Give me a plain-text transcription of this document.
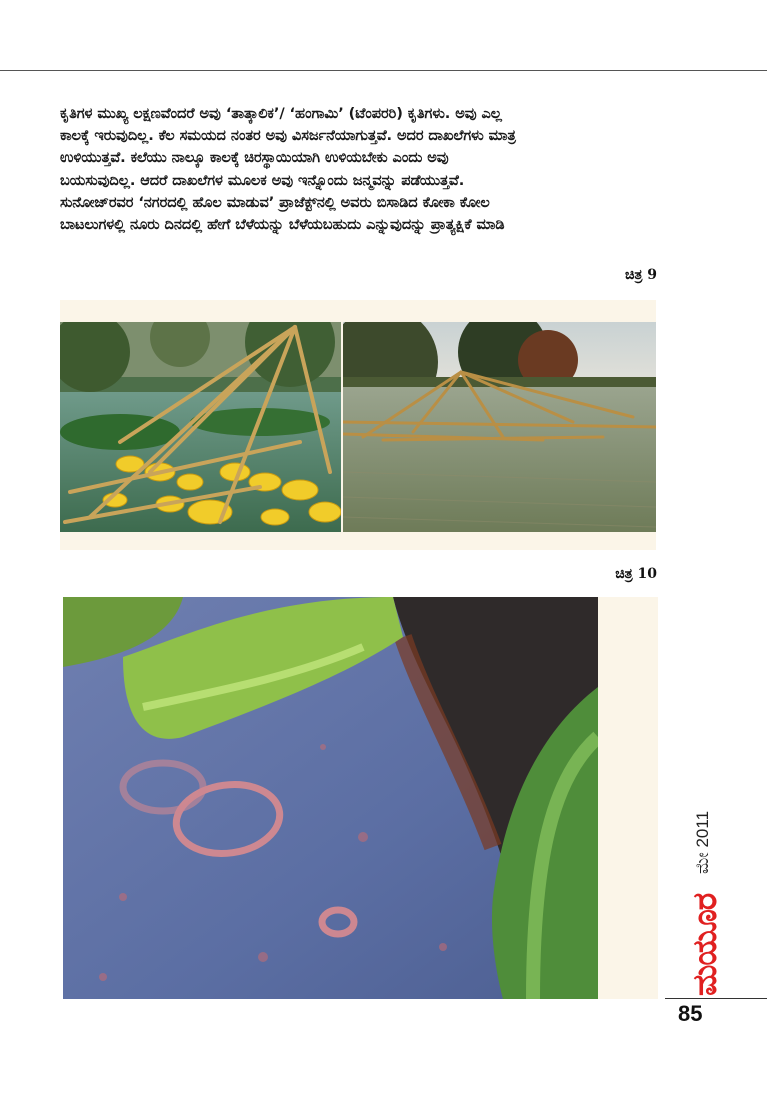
ಕೃತಿಗಳ ಮುಖ್ಯ ಲಕ್ಷಣವೆಂದರೆ ಅವು ‘ತಾತ್ಕಾಲಿಕ’/ ‘ಹಂಗಾಮಿ’ (ಟೆಂಪರರಿ) ಕೃತಿಗಳು. ಅವು ಎಲ್ಲ
ಕಾಲಕ್ಕೆ ಇರುವುದಿಲ್ಲ. ಕೆಲ ಸಮಯದ ನಂತರ ಅವು ವಿಸರ್ಜನೆಯಾಗುತ್ತವೆ. ಅದರ ದಾಖಲೆಗಳು ಮಾತ್ರ
ಉಳಿಯುತ್ತವೆ. ಕಲೆಯು ನಾಲ್ಕೂ ಕಾಲಕ್ಕೆ ಚಿರಸ್ಥಾಯಿಯಾಗಿ ಉಳಿಯಬೇಕು ಎಂದು ಅವು
ಬಯಸುವುದಿಲ್ಲ. ಆದರೆ ದಾಖಲೆಗಳ ಮೂಲಕ ಅವು ಇನ್ನೊಂದು ಜನ್ಮವನ್ನು ಪಡೆಯುತ್ತವೆ.
ಸುನೋಜ್‌ರವರ ‘ನಗರದಲ್ಲಿ ಹೊಲ ಮಾಡುವ’ ಪ್ರಾಜೆಕ್ಟ್‌ನಲ್ಲಿ ಅವರು ಬಿಸಾಡಿದ ಕೋಕಾ ಕೋಲ
ಬಾಟಲುಗಳಲ್ಲಿ ನೂರು ದಿನದಲ್ಲಿ ಹೇಗೆ ಬೆಳೆಯನ್ನು ಬೆಳೆಯಬಹುದು ಎನ್ನುವುದನ್ನು ಪ್ರಾತ್ಯಕ್ಷಿಕೆ ಮಾಡಿ

ಚಿತ್ರ 9
ಚಿತ್ರ 10
ಮೇ 2011
ಮಯೂರ
85
